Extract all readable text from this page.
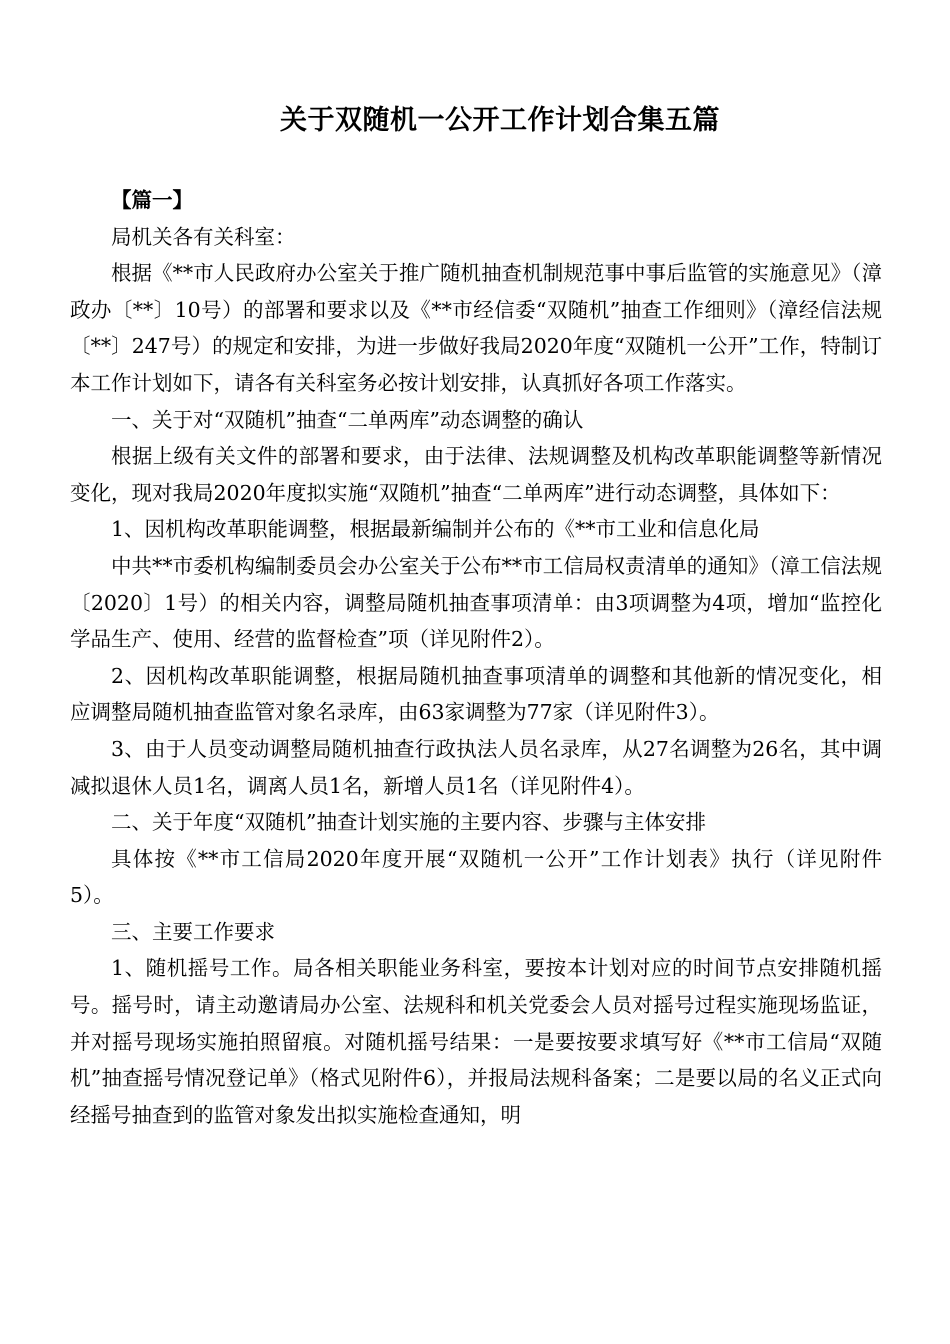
关于双随机一公开工作计划合集五篇

【篇一】

局机关各有关科室：

根据《**市人民政府办公室关于推广随机抽查机制规范事中事后监管的实施意见》（漳政办〔**〕10号）的部署和要求以及《**市经信委“双随机”抽查工作细则》（漳经信法规〔**〕247号）的规定和安排，为进一步做好我局2020年度“双随机一公开”工作，特制订本工作计划如下，请各有关科室务必按计划安排，认真抓好各项工作落实。

一、关于对“双随机”抽查“二单两库”动态调整的确认

根据上级有关文件的部署和要求，由于法律、法规调整及机构改革职能调整等新情况变化，现对我局2020年度拟实施“双随机”抽查“二单两库”进行动态调整，具体如下：

1、因机构改革职能调整，根据最新编制并公布的《**市工业和信息化局

中共**市委机构编制委员会办公室关于公布**市工信局权责清单的通知》（漳工信法规〔2020〕1号）的相关内容，调整局随机抽查事项清单：由3项调整为4项，增加“监控化学品生产、使用、经营的监督检查”项（详见附件2）。

2、因机构改革职能调整，根据局随机抽查事项清单的调整和其他新的情况变化，相应调整局随机抽查监管对象名录库，由63家调整为77家（详见附件3）。

3、由于人员变动调整局随机抽查行政执法人员名录库，从27名调整为26名，其中调减拟退休人员1名，调离人员1名，新增人员1名（详见附件4）。

二、关于年度“双随机”抽查计划实施的主要内容、步骤与主体安排

具体按《**市工信局2020年度开展“双随机一公开”工作计划表》执行（详见附件5）。

三、主要工作要求

1、随机摇号工作。局各相关职能业务科室，要按本计划对应的时间节点安排随机摇号。摇号时，请主动邀请局办公室、法规科和机关党委会人员对摇号过程实施现场监证，并对摇号现场实施拍照留痕。对随机摇号结果：一是要按要求填写好《**市工信局“双随机”抽查摇号情况登记单》（格式见附件6），并报局法规科备案；二是要以局的名义正式向经摇号抽查到的监管对象发出拟实施检查通知，明
